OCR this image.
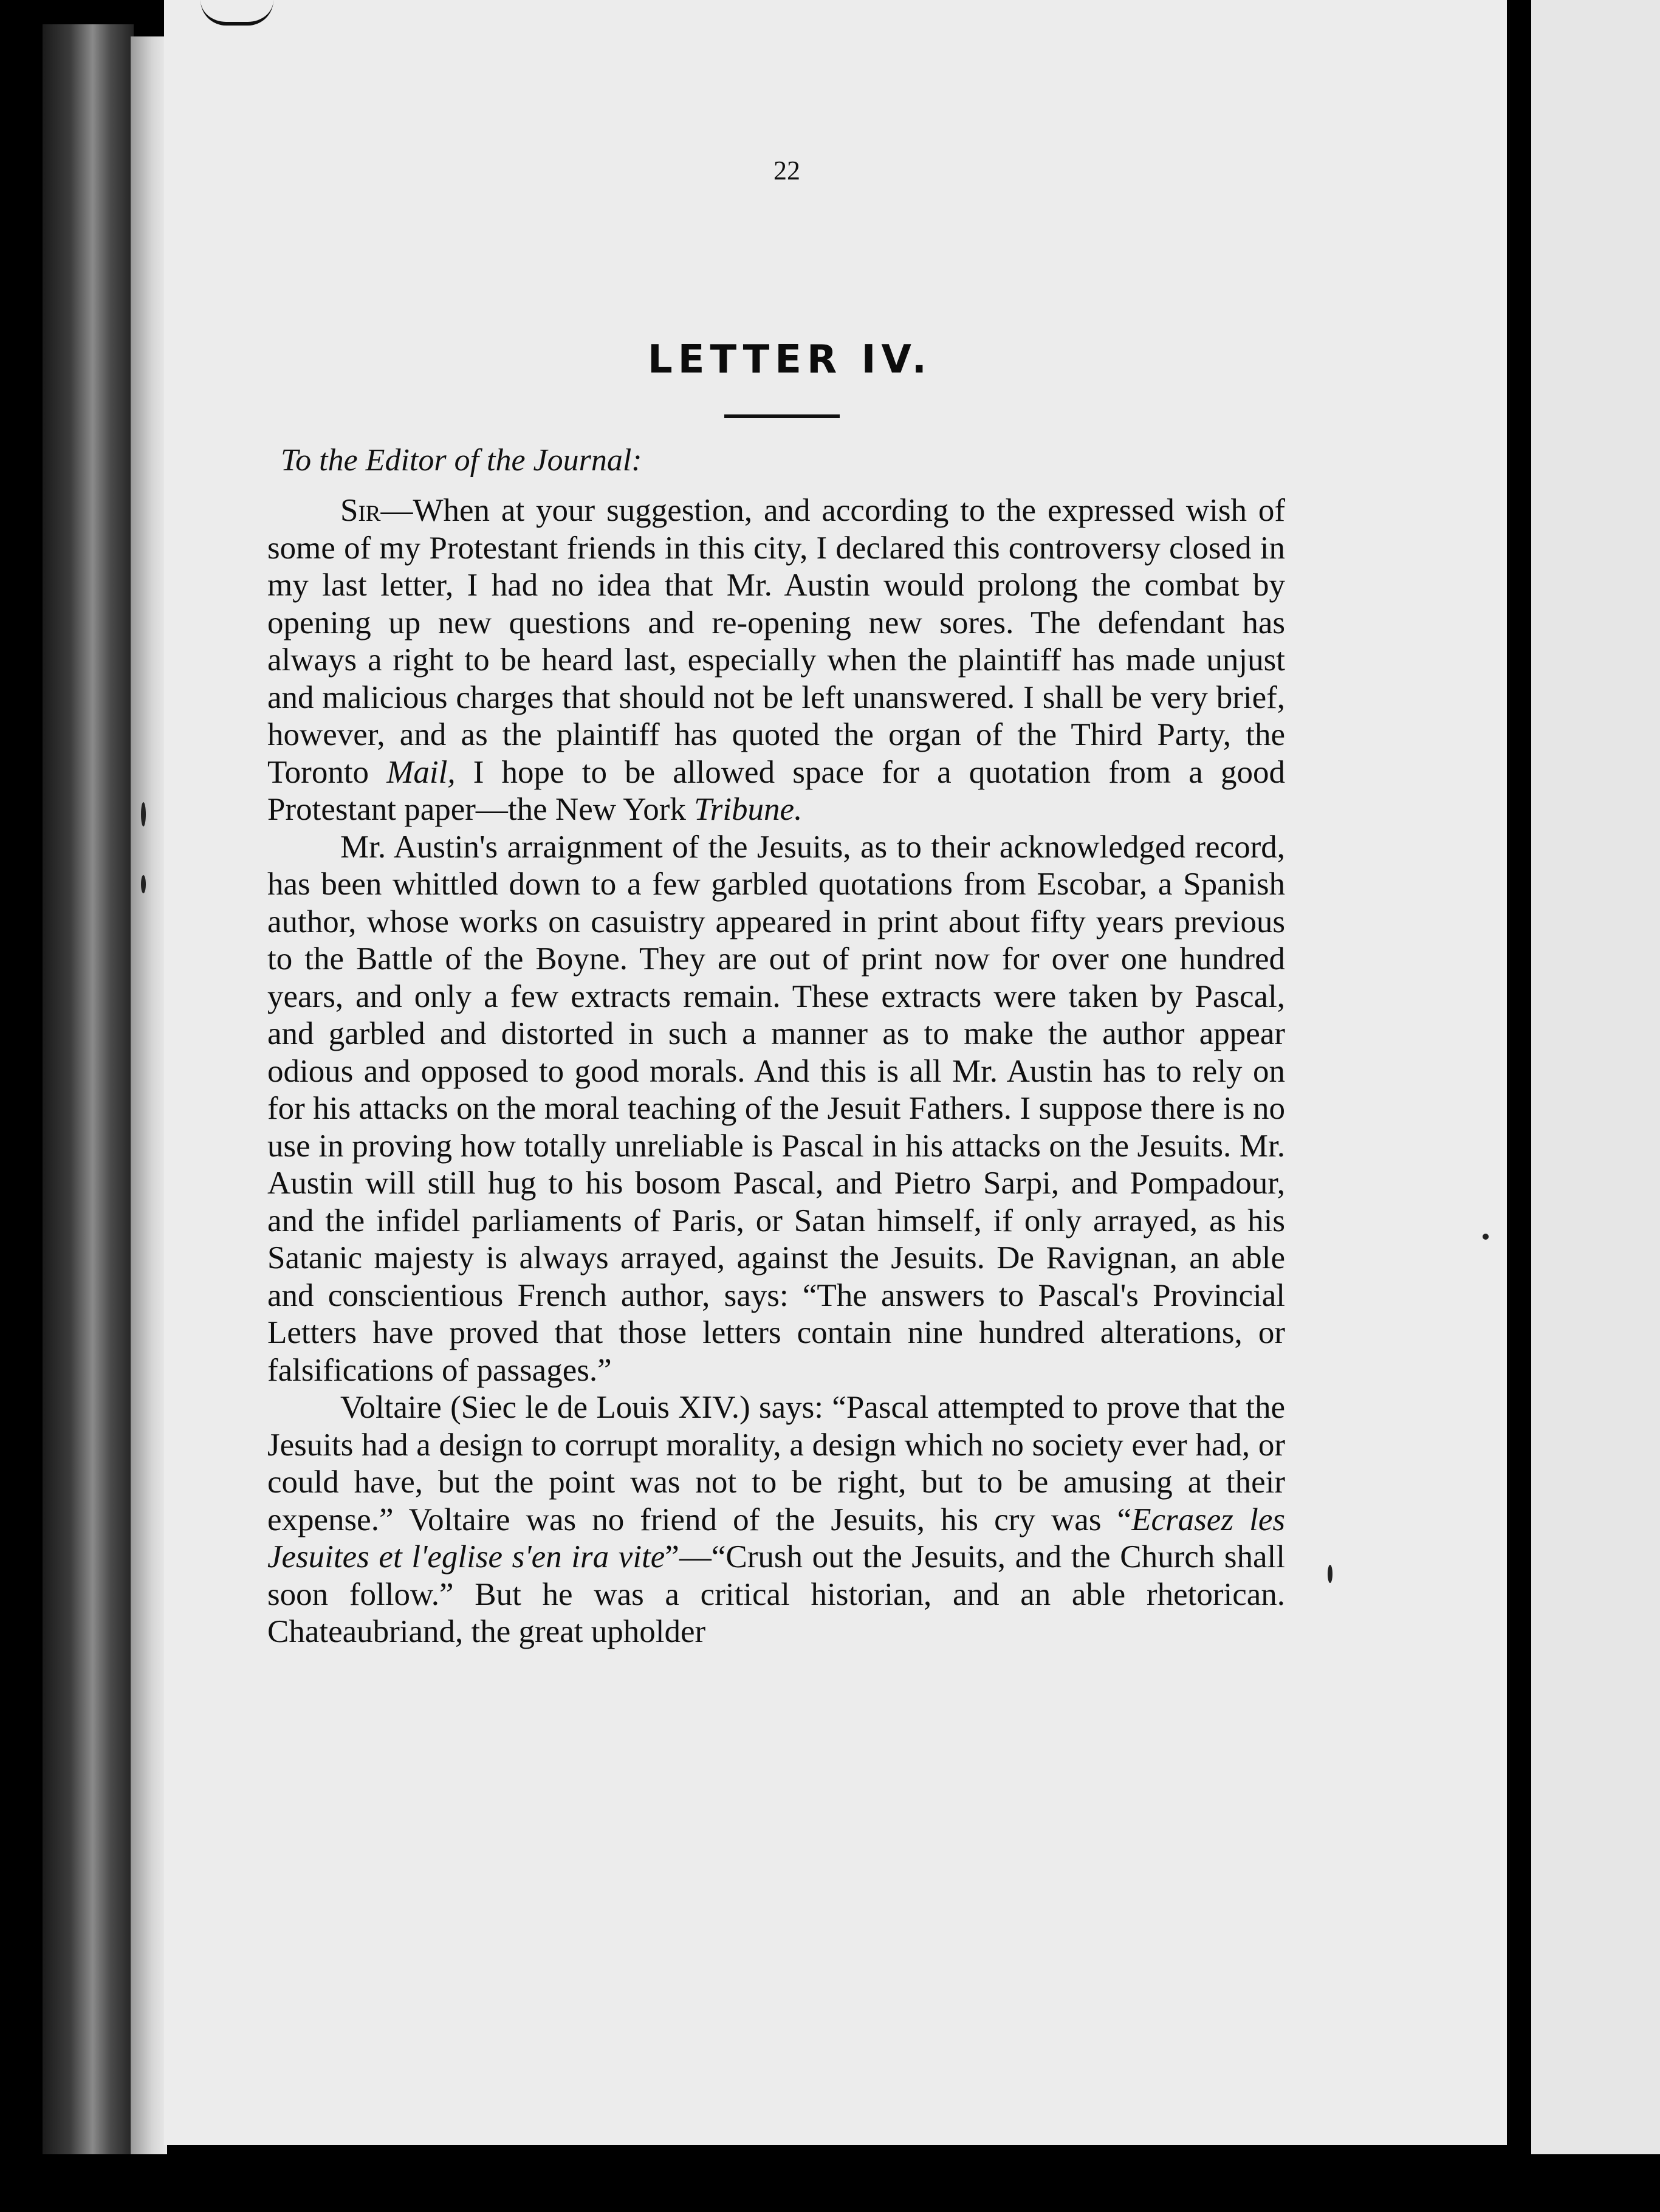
22
LETTER IV.
To the Editor of the Journal:

Sir—When at your suggestion, and according to the expressed wish of some of my Protestant friends in this city, I declared this controversy closed in my last letter, I had no idea that Mr. Austin would prolong the combat by opening up new questions and re-opening new sores. The defendant has always a right to be heard last, especially when the plaintiff has made unjust and malicious charges that should not be left unanswered. I shall be very brief, however, and as the plaintiff has quoted the organ of the Third Party, the Toronto Mail, I hope to be allowed space for a quotation from a good Protestant paper—the New York Tribune.

Mr. Austin's arraignment of the Jesuits, as to their acknowledged record, has been whittled down to a few garbled quotations from Escobar, a Spanish author, whose works on casuistry appeared in print about fifty years previous to the Battle of the Boyne. They are out of print now for over one hundred years, and only a few extracts remain. These extracts were taken by Pascal, and garbled and distorted in such a manner as to make the author appear odious and opposed to good morals. And this is all Mr. Austin has to rely on for his attacks on the moral teaching of the Jesuit Fathers. I suppose there is no use in proving how totally unreliable is Pascal in his attacks on the Jesuits. Mr. Austin will still hug to his bosom Pascal, and Pietro Sarpi, and Pompadour, and the infidel parliaments of Paris, or Satan himself, if only arrayed, as his Satanic majesty is always arrayed, against the Jesuits. De Ravignan, an able and conscientious French author, says: “The answers to Pascal's Provincial Letters have proved that those letters contain nine hundred alterations, or falsifications of passages.”

Voltaire (Siec le de Louis XIV.) says: “Pascal attempted to prove that the Jesuits had a design to corrupt morality, a design which no society ever had, or could have, but the point was not to be right, but to be amusing at their expense.” Voltaire was no friend of the Jesuits, his cry was “Ecrasez les Jesuites et l'eglise s'en ira vite”—“Crush out the Jesuits, and the Church shall soon follow.” But he was a critical historian, and an able rhetorican. Chateaubriand, the great upholder
